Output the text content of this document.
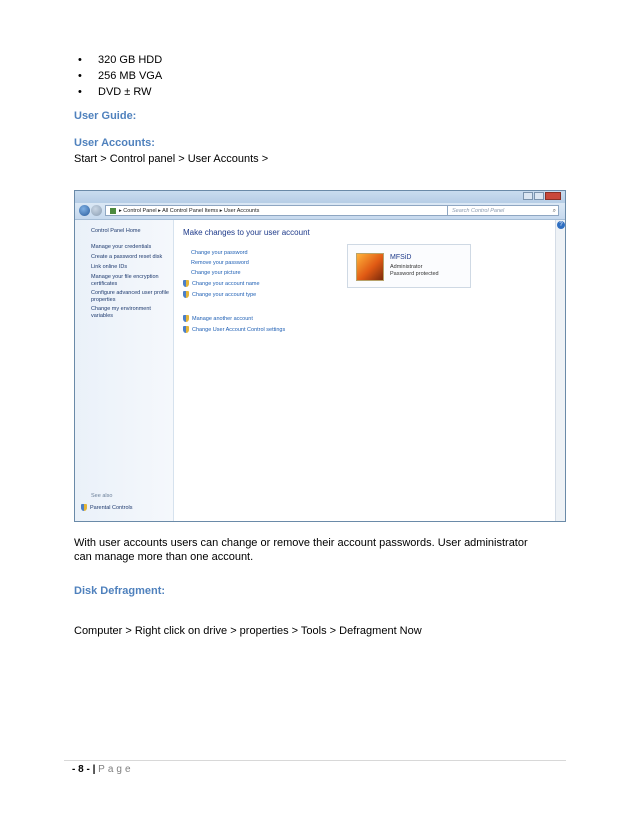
• 320 GB HDD
• 256 MB VGA
• DVD ± RW
User Guide:
User Accounts:
Start > Control panel > User Accounts >
▸ Control Panel ▸ All Control Panel Items ▸ User Accounts	Search Control Panel	⌕
Control Panel Home
Manage your credentials
Create a password reset disk
Link online IDs
Manage your file encryption certificates
Configure advanced user profile properties
Change my environment variables
See also
Parental Controls
Make changes to your user account
Change your password
Remove your password
Change your picture
Change your account name
Change your account type
Manage another account
Change User Account Control settings
MFSiD
Administrator
Password protected
?
With user accounts users can change or remove their account passwords. User administrator can manage more than one account.
Disk Defragment:
Computer > Right click on drive > properties > Tools > Defragment Now
- 8 - | Page
